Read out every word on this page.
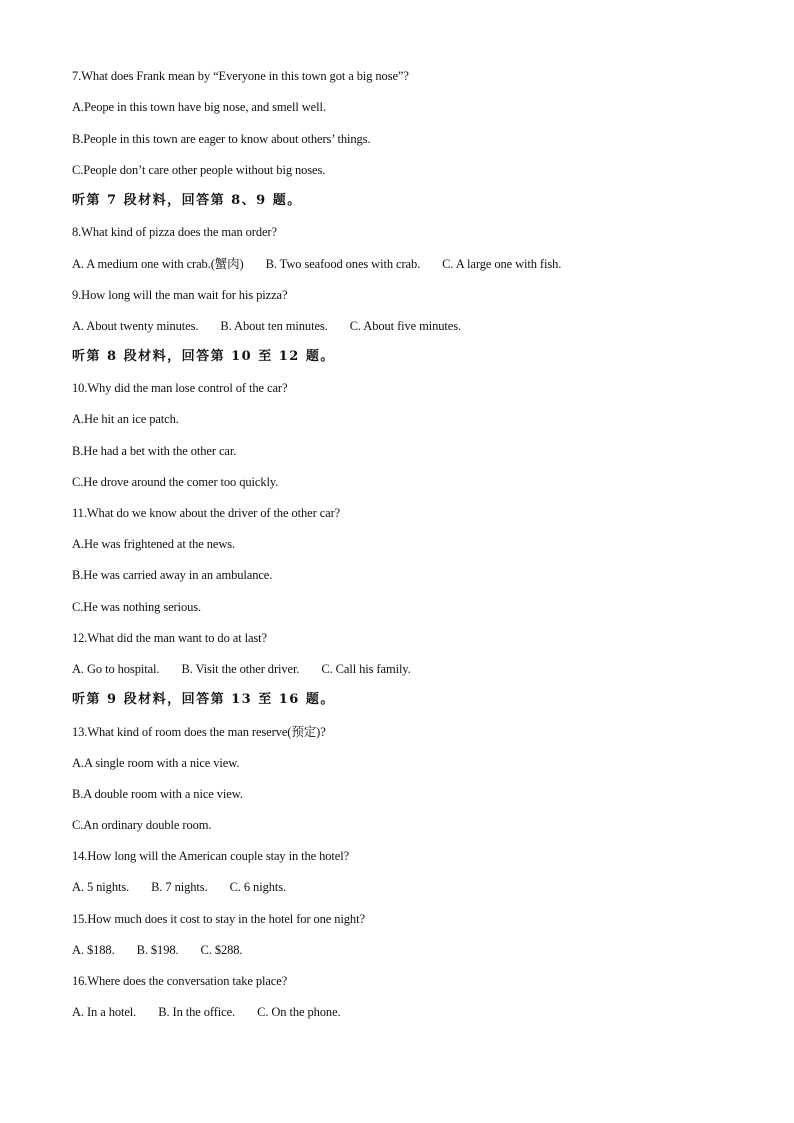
7.What does Frank mean by “Everyone in this town got a big nose”?
A.Peope in this town have big nose, and smell well.
B.People in this town are eager to know about others’ things.
C.People don’t care other people without big noses.
听第 7 段材料，回答第 8、9 题。
8.What kind of pizza does the man order?
A. A medium one with crab.(蟹肉) B. Two seafood ones with crab. C. A large one with fish.
9.How long will the man wait for his pizza?
A. About twenty minutes. B. About ten minutes. C. About five minutes.
听第 8 段材料，回答第 10 至 12 题。
10.Why did the man lose control of the car?
A.He hit an ice patch.
B.He had a bet with the other car.
C.He drove around the comer too quickly.
11.What do we know about the driver of the other car?
A.He was frightened at the news.
B.He was carried away in an ambulance.
C.He was nothing serious.
12.What did the man want to do at last?
A. Go to hospital. B. Visit the other driver. C. Call his family.
听第 9 段材料，回答第 13 至 16 题。
13.What kind of room does the man reserve(预定)?
A.A single room with a nice view.
B.A double room with a nice view.
C.An ordinary double room.
14.How long will the American couple stay in the hotel?
A. 5 nights. B. 7 nights. C. 6 nights.
15.How much does it cost to stay in the hotel for one night?
A. $188. B. $198. C. $288.
16.Where does the conversation take place?
A. In a hotel. B. In the office. C. On the phone.
